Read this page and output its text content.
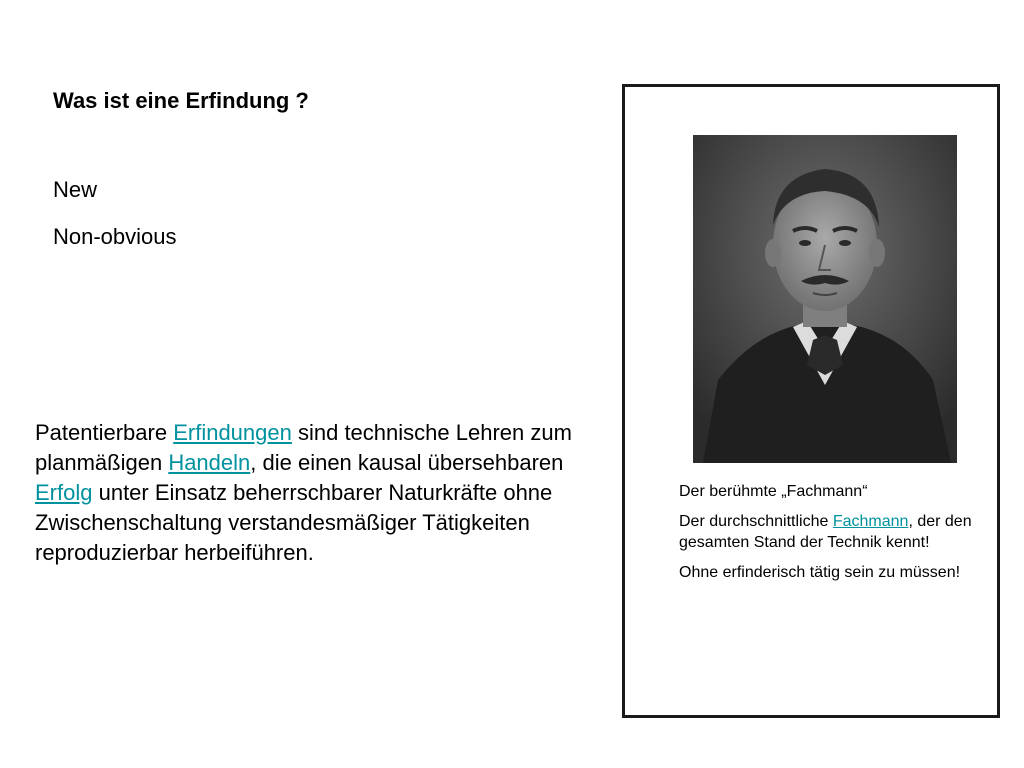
Was ist eine Erfindung ?
New
Non-obvious
Patentierbare Erfindungen sind technische Lehren zum planmäßigen Handeln, die einen kausal übersehbaren Erfolg unter Einsatz beherrschbarer Naturkräfte ohne Zwischenschaltung verstandesmäßiger Tätigkeiten reproduzierbar herbeiführen.

Der berühmte „Fachmann“

Der durchschnittliche Fachmann, der den gesamten Stand der Technik kennt!

Ohne erfinderisch tätig sein zu müssen!
